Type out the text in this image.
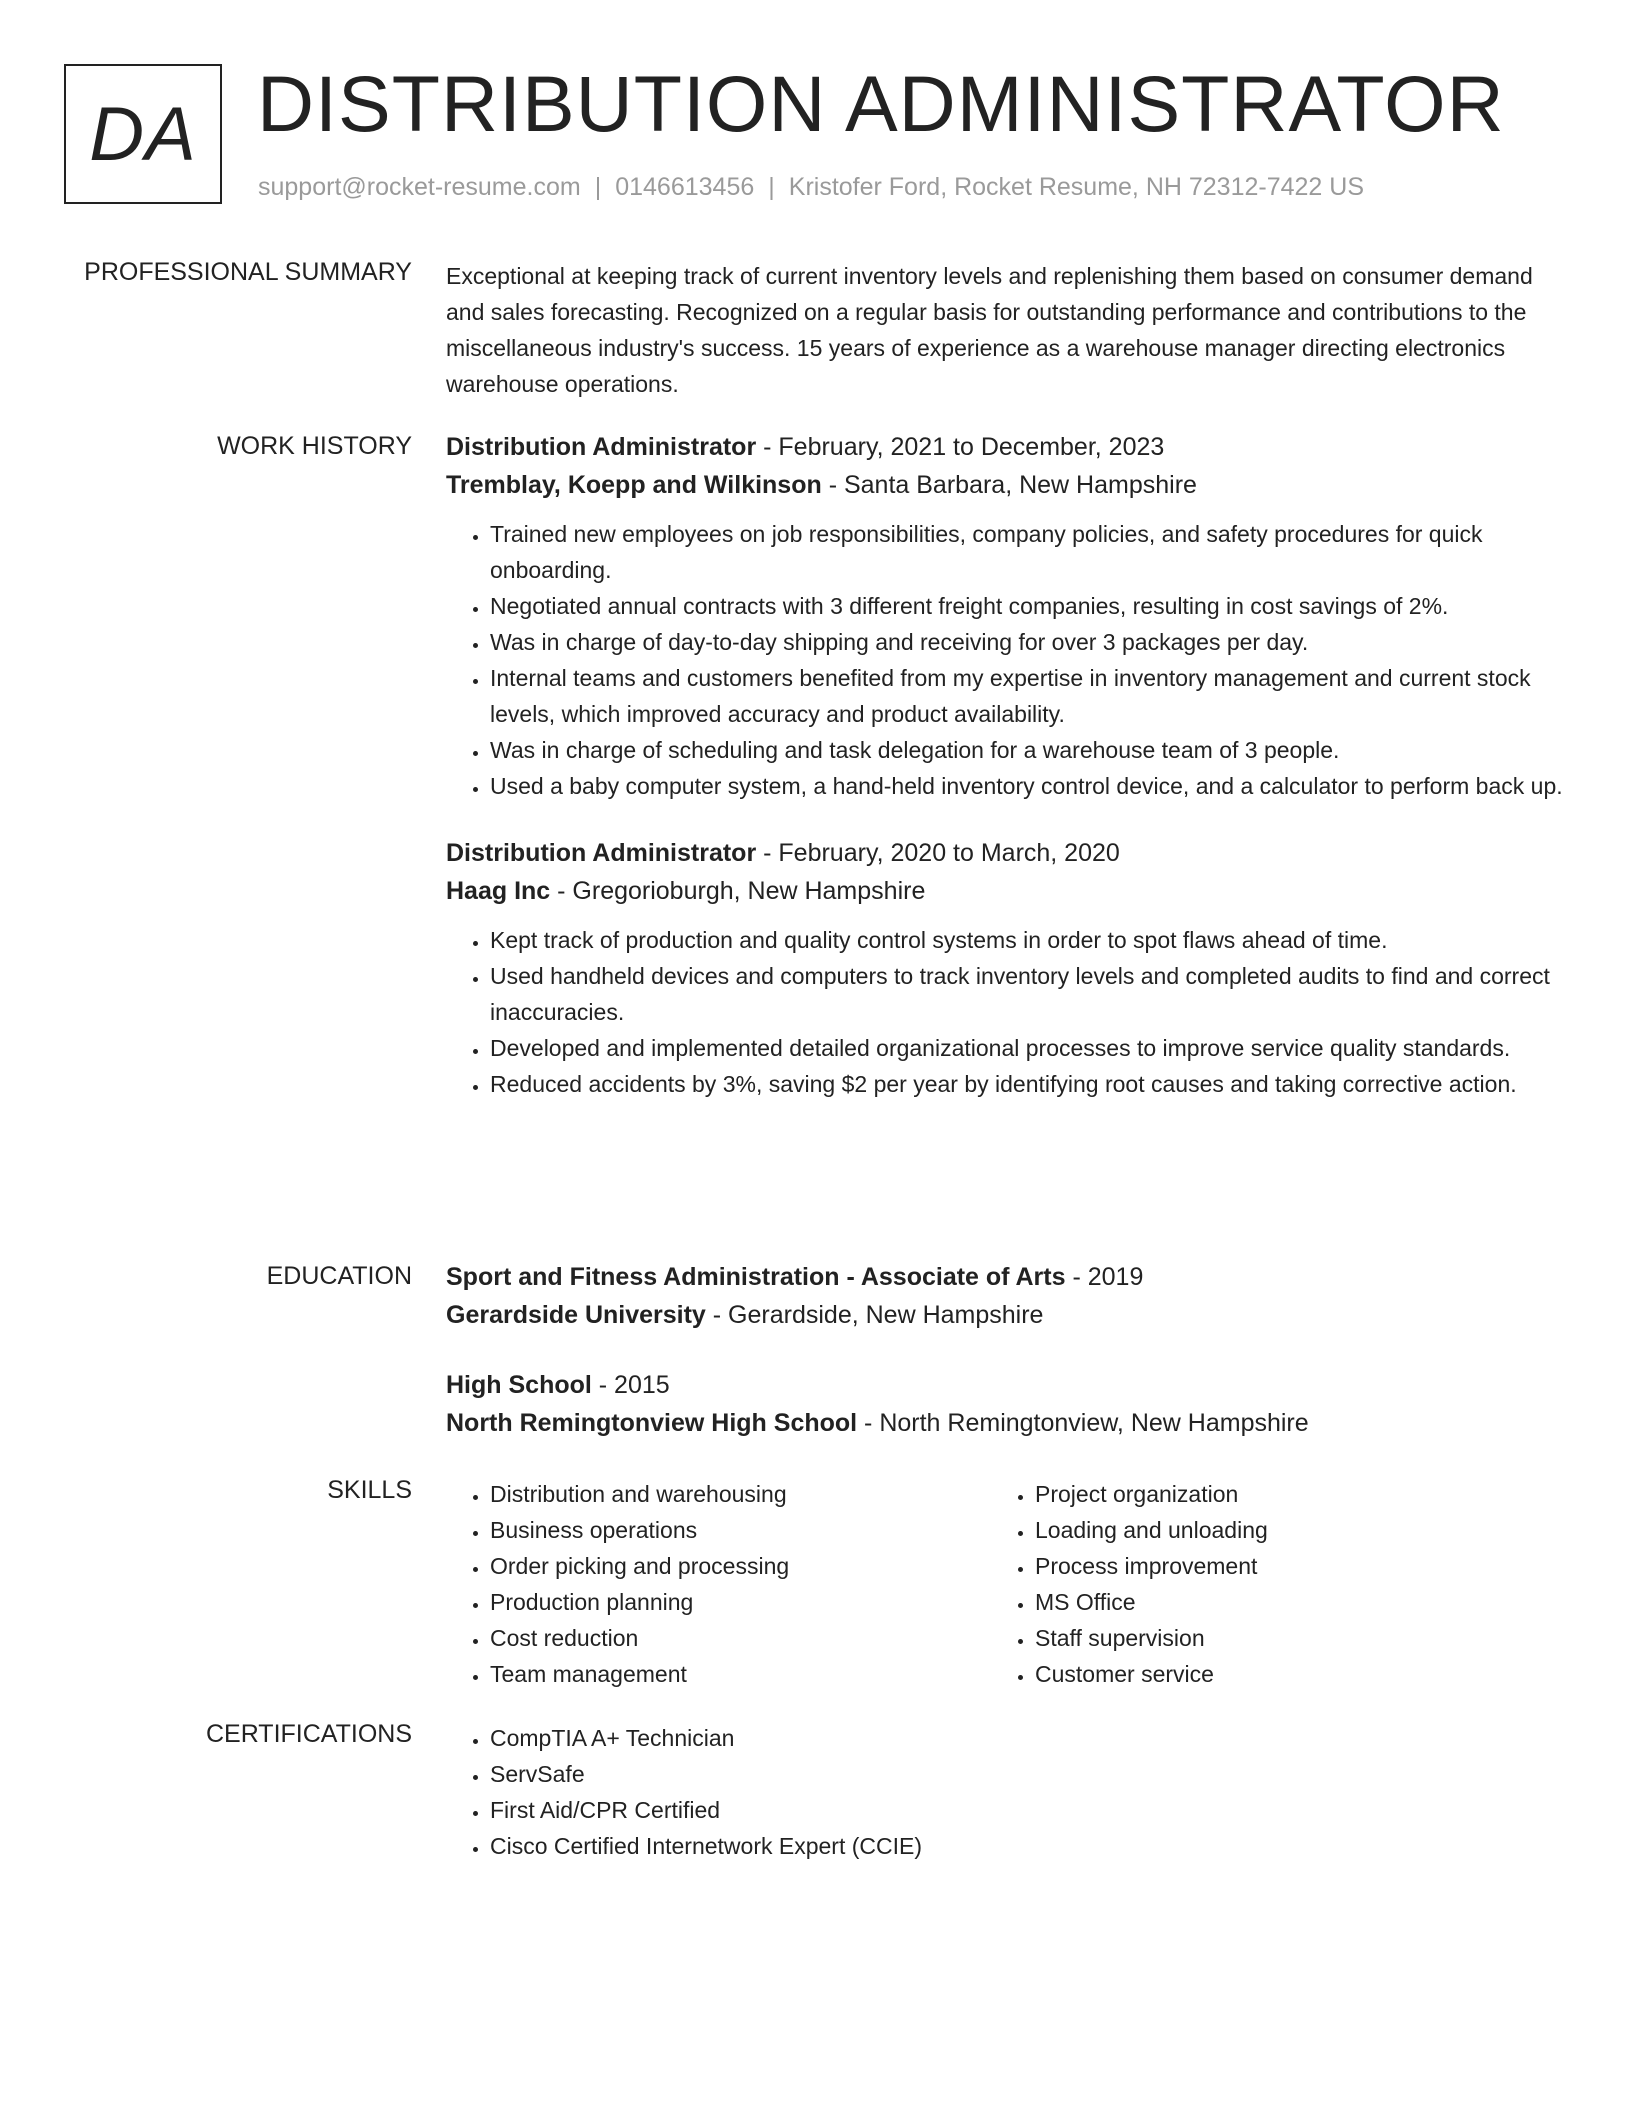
DA DISTRIBUTION ADMINISTRATOR
support@rocket-resume.com | 0146613456 | Kristofer Ford, Rocket Resume, NH 72312-7422 US
PROFESSIONAL SUMMARY Exceptional at keeping track of current inventory levels and replenishing them based on consumer demand and sales forecasting. Recognized on a regular basis for outstanding performance and contributions to the miscellaneous industry's success. 15 years of experience as a warehouse manager directing electronics warehouse operations.

WORK HISTORY Distribution Administrator - February, 2021 to December, 2023
Tremblay, Koepp and Wilkinson - Santa Barbara, New Hampshire
• Trained new employees on job responsibilities, company policies, and safety procedures for quick onboarding.
• Negotiated annual contracts with 3 different freight companies, resulting in cost savings of 2%.
• Was in charge of day-to-day shipping and receiving for over 3 packages per day.
• Internal teams and customers benefited from my expertise in inventory management and current stock levels, which improved accuracy and product availability.
• Was in charge of scheduling and task delegation for a warehouse team of 3 people.
• Used a baby computer system, a hand-held inventory control device, and a calculator to perform back up.
Distribution Administrator - February, 2020 to March, 2020
Haag Inc - Gregorioburgh, New Hampshire
• Kept track of production and quality control systems in order to spot flaws ahead of time.
• Used handheld devices and computers to track inventory levels and completed audits to find and correct inaccuracies.
• Developed and implemented detailed organizational processes to improve service quality standards.
• Reduced accidents by 3%, saving $2 per year by identifying root causes and taking corrective action.
EDUCATION Sport and Fitness Administration - Associate of Arts - 2019
Gerardside University - Gerardside, New Hampshire
High School - 2015
North Remingtonview High School - North Remingtonview, New Hampshire
SKILLS	• Distribution and warehousing
• Business operations
• Order picking and processing
• Production planning
• Cost reduction
• Team management
• Project organization
• Loading and unloading
• Process improvement
• MS Office
• Staff supervision
• Customer service
CERTIFICATIONS	• CompTIA A+ Technician
• ServSafe
• First Aid/CPR Certified
• Cisco Certified Internetwork Expert (CCIE)
